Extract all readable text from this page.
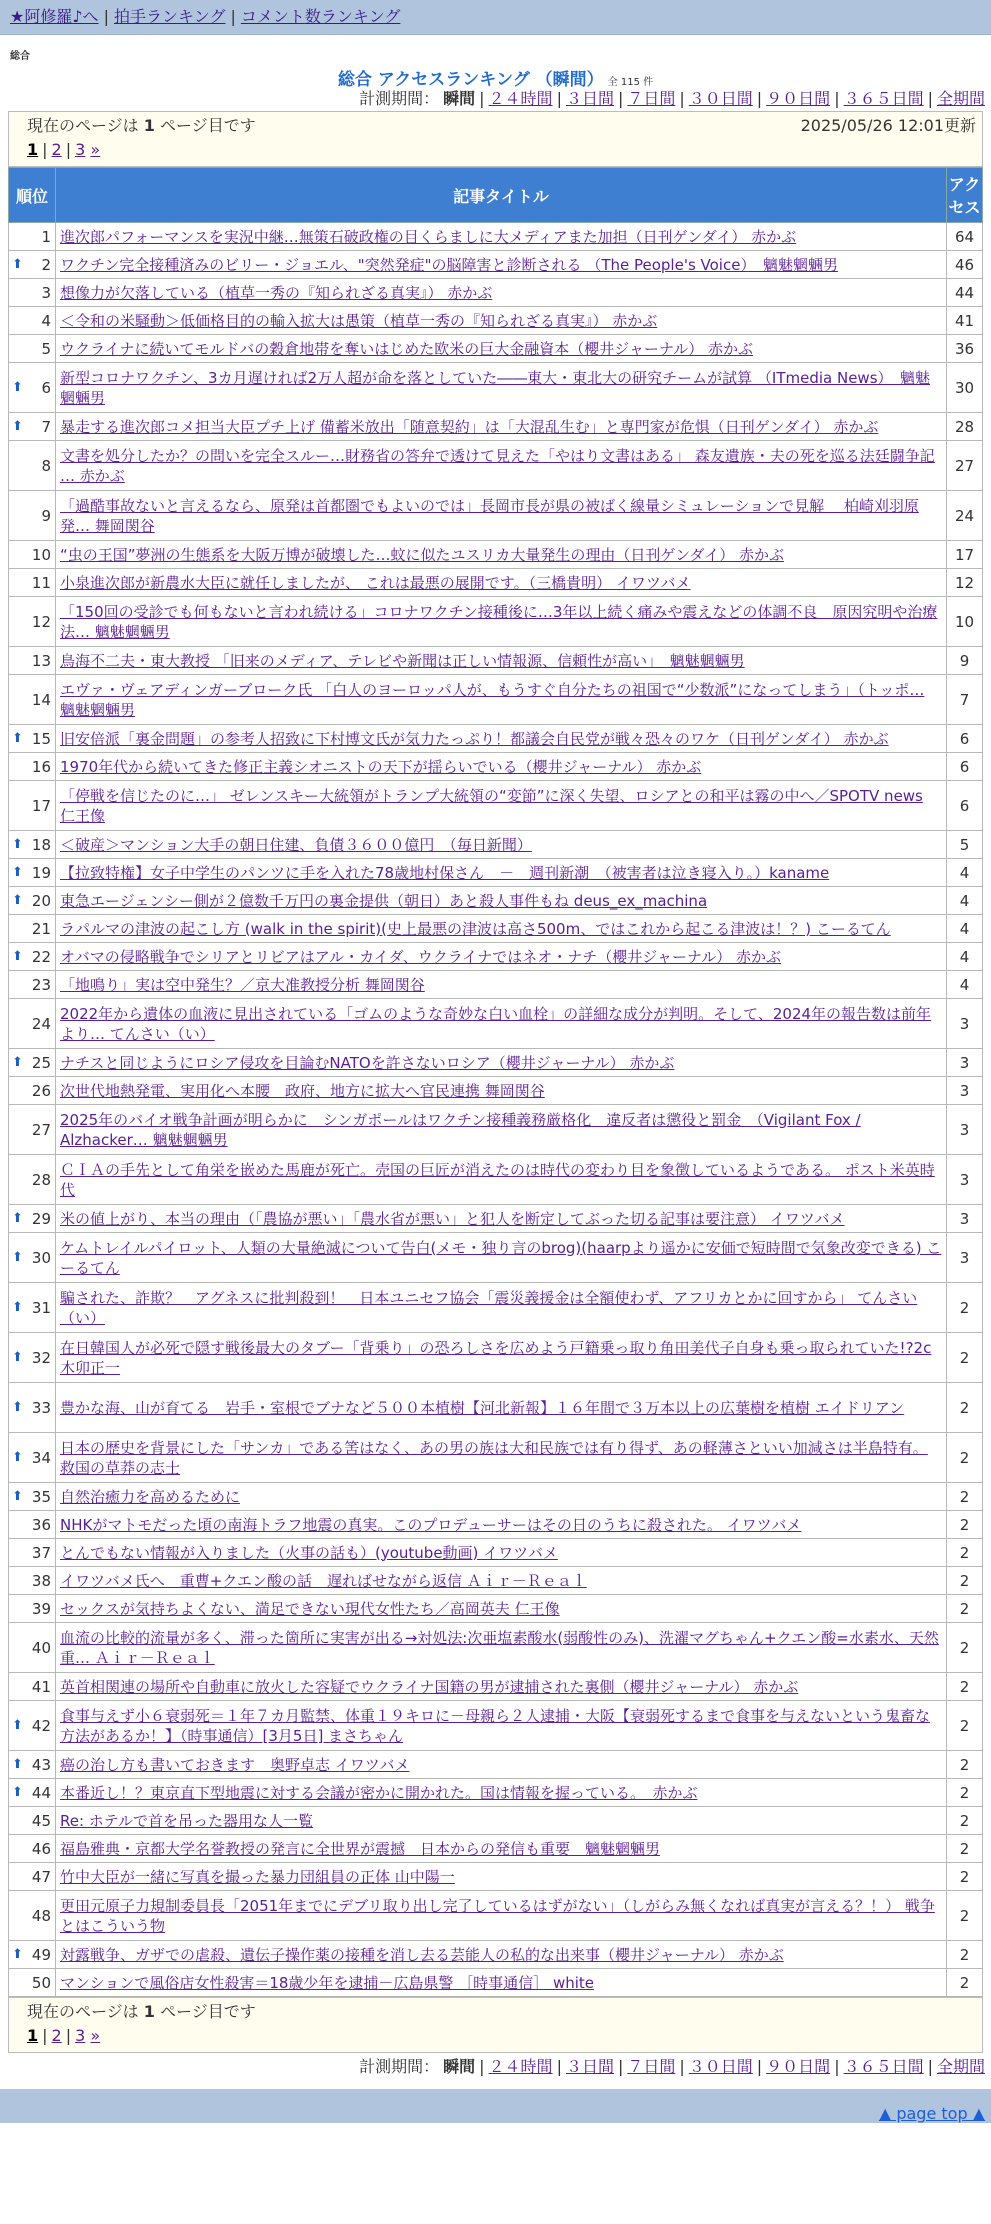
★阿修羅♪へ | 拍手ランキング | コメント数ランキング
総合
総合 アクセスランキング （瞬間） 全 115 件
計測期間： 瞬間 | ２４時間 | ３日間 | ７日間 | ３０日間 | ９０日間 | ３６５日間 | 全期間
現在のページは 1 ページ目です	2025/05/26 12:01更新
1 | 2 | 3 »
順位	記事タイトル	アクセス
1	進次郎パフォーマンスを実況中継…無策石破政権の目くらましに大メディアまた加担（日刊ゲンダイ） 赤かぶ	64

⬆ 2	ワクチン完全接種済みのビリー・ジョエル、"突然発症"の脳障害と診断される （The People's Voice）　魑魅魍魎男	46
3	想像力が欠落している（植草一秀の『知られざる真実』） 赤かぶ	44
4	＜令和の米騒動＞低価格目的の輸入拡大は愚策（植草一秀の『知られざる真実』） 赤かぶ	41
5	ウクライナに続いてモルドバの穀倉地帯を奪いはじめた欧米の巨大金融資本（櫻井ジャーナル） 赤かぶ	36

⬆ 6	新型コロナワクチン、3カ月遅ければ2万人超が命を落としていた――東大・東北大の研究チームが試算 （ITmedia News）　魑魅魍魎男	30

⬆ 7	暴走する進次郎コメ担当大臣プチ上げ 備蓄米放出「随意契約」は「大混乱生む」と専門家が危惧（日刊ゲンダイ） 赤かぶ	28
8	文書を処分したか？の問いを完全スルー…財務省の答弁で透けて見えた「やはり文書はある」 森友遺族・夫の死を巡る法廷闘争記 … 赤かぶ	27
9	「過酷事故ないと言えるなら、原発は首都圏でもよいのでは」長岡市長が県の被ばく線量シミュレーションで見解　 柏崎刈羽原発… 舞岡関谷	24
10	“虫の王国”夢洲の生態系を大阪万博が破壊した…蚊に似たユスリカ大量発生の理由（日刊ゲンダイ） 赤かぶ	17
11	小泉進次郎が新農水大臣に就任しましたが、 これは最悪の展開です。（三橋貴明） イワツバメ	12
12	「150回の受診でも何もないと言われ続ける」コロナワクチン接種後に…3年以上続く痛みや震えなどの体調不良　原因究明や治療法… 魑魅魍魎男	10
13	鳥海不二夫・東大教授 「旧来のメディア、テレビや新聞は正しい情報源、信頼性が高い」　魑魅魍魎男	9
14	エヴァ・ヴェアディンガーブローク氏 「白人のヨーロッパ人が、もうすぐ自分たちの祖国で“少数派”になってしまう」（トッポ… 魑魅魍魎男	7

⬆ 15	旧安倍派「裏金問題」の参考人招致に下村博文氏が気力たっぷり！都議会自民党が戦々恐々のワケ（日刊ゲンダイ） 赤かぶ	6
16	1970年代から続いてきた修正主義シオニストの天下が揺らいでいる（櫻井ジャーナル） 赤かぶ	6
17	「停戦を信じたのに…」 ゼレンスキー大統領がトランプ大統領の“変節”に深く失望、ロシアとの和平は霧の中へ／SPOTV news 仁王像	6

⬆ 18	＜破産＞マンション大手の朝日住建、負債３６００億円　（毎日新聞）	5

⬆ 19	【拉致特権】女子中学生のパンツに手を入れた78歳地村保さん　－　週刊新潮　（被害者は泣き寝入り。）kaname	4

⬆ 20	東急エージェンシー側が２億数千万円の裏金提供（朝日）あと殺人事件もね deus_ex_machina	4
21	ラパルマの津波の起こし方 (walk in the spirit)(史上最悪の津波は高さ500m、ではこれから起こる津波は！？) こーるてん	4

⬆ 22	オバマの侵略戦争でシリアとリビアはアル・カイダ、ウクライナではネオ・ナチ（櫻井ジャーナル） 赤かぶ	4
23	「地鳴り」実は空中発生？／京大准教授分析 舞岡関谷	4
24	2022年から遺体の血液に見出されている「ゴムのような奇妙な白い血栓」の詳細な成分が判明。そして、2024年の報告数は前年より… てんさい（い）	3

⬆ 25	ナチスと同じようにロシア侵攻を目論むNATOを許さないロシア（櫻井ジャーナル） 赤かぶ	3
26	次世代地熱発電、実用化へ本腰　政府、地方に拡大へ官民連携 舞岡関谷	3
27	2025年のバイオ戦争計画が明らかに　シンガポールはワクチン接種義務厳格化　違反者は懲役と罰金　（Vigilant Fox / Alzhacker… 魑魅魍魎男	3
28	ＣＩＡの手先として角栄を嵌めた馬鹿が死亡。売国の巨匠が消えたのは時代の変わり目を象徴しているようである。 ポスト米英時代	3

⬆ 29	米の値上がり、本当の理由（「農協が悪い」「農水省が悪い」と犯人を断定してぶった切る記事は要注意） イワツバメ	3

⬆ 30	ケムトレイルパイロット、人類の大量絶滅について告白(メモ・独り言のbrog)(haarpより遥かに安価で短時間で気象改変できる) こーるてん	3

⬆ 31	騙された、詐欺？　アグネスに批判殺到！　日本ユニセフ協会「震災義援金は全額使わず、アフリカとかに回すから」 てんさい（い）	2

⬆ 32	在日韓国人が必死で隠す戦後最大のタブー「背乗り」の恐ろしさを広めよう戸籍乗っ取り角田美代子自身も乗っ取られていた!?2c 木卯正一	2

⬆ 33	豊かな海、山が育てる　岩手・室根でブナなど５００本植樹【河北新報】１６年間で３万本以上の広葉樹を植樹 エイドリアン	2

⬆ 34	日本の歴史を背景にした「サンカ」である筈はなく、あの男の族は大和民族では有り得ず、あの軽薄さといい加減さは半島特有。 救国の草莽の志士	2

⬆ 35	自然治癒力を高めるために	2
36	NHKがマトモだった頃の南海トラフ地震の真実。このプロデューサーはその日のうちに殺された。 イワツバメ	2
37	とんでもない情報が入りました（火事の話も）(youtube動画) イワツバメ	2
38	イワツバメ氏へ　重曹+クエン酸の話　遅ればせながら返信 Ａｉｒ－Ｒｅａｌ	2
39	セックスが気持ちよくない、満足できない現代女性たち／高岡英夫 仁王像	2
40	血流の比較的流量が多く、滞った箇所に実害が出る→対処法:次亜塩素酸水(弱酸性のみ)、洗濯マグちゃん+クエン酸=水素水、天然重… Ａｉｒ－Ｒｅａｌ	2
41	英首相関連の場所や自動車に放火した容疑でウクライナ国籍の男が逮捕された裏側（櫻井ジャーナル） 赤かぶ	2

⬆ 42	食事与えず小６衰弱死＝１年７カ月監禁、体重１９キロに－母親ら２人逮捕・大阪【衰弱死するまで食事を与えないという鬼畜な方法があるか！】（時事通信）[3月5日] まさちゃん	2

⬆ 43	癌の治し方も書いておきます　奥野卓志 イワツバメ	2

⬆ 44	本番近し！？東京直下型地震に対する会議が密かに開かれた。国は情報を握っている。　赤かぶ	2
45	Re: ホテルで首を吊った器用な人一覧	2
46	福島雅典・京都大学名誉教授の発言に全世界が震撼　日本からの発信も重要　魑魅魍魎男	2
47	竹中大臣が一緒に写真を撮った暴力団組員の正体 山中陽一	2
48	更田元原子力規制委員長「2051年までにデブリ取り出し完了しているはずがない」（しがらみ無くなれば真実が言える？！） 戦争とはこういう物	2

⬆ 49	対露戦争、ガザでの虐殺、遺伝子操作薬の接種を消し去る芸能人の私的な出来事（櫻井ジャーナル） 赤かぶ	2
50	マンションで風俗店女性殺害＝18歳少年を逮捕－広島県警 ［時事通信］ white	2
現在のページは 1 ページ目です
1 | 2 | 3 »
計測期間： 瞬間 | ２４時間 | ３日間 | ７日間 | ３０日間 | ９０日間 | ３６５日間 | 全期間
▲ page top ▲
